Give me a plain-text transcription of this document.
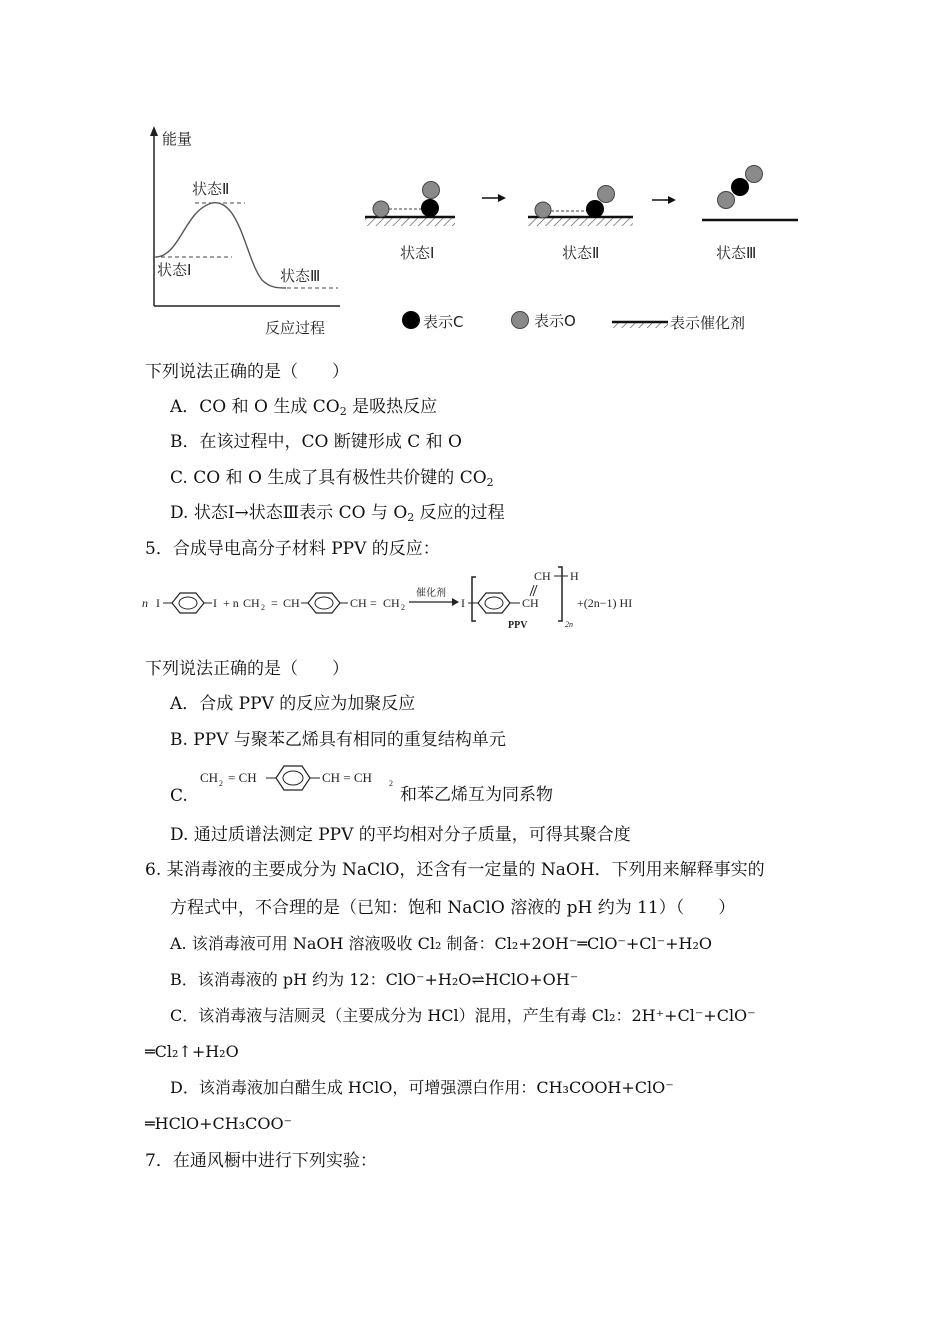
能量
状态Ⅱ
状态Ⅰ	状态Ⅲ
反应过程
状态Ⅰ	状态Ⅱ	状态Ⅲ
表示C	表示O	表示催化剂
下列说法正确的是（　　）
A．CO 和 O 生成 $CO_2$ 是吸热反应
B．在该过程中，CO 断键形成 C 和 O
C. CO 和 O 生成了具有极性共价键的 $CO_2$
D. 状态Ⅰ→状态Ⅲ表示 CO 与 $O_2$ 反应的过程
5．合成导电高分子材料 PPV 的反应：
n I	I + n CH 2 = CH	CH = CH 2
催化剂
I	CH
CH H
2n
+(2n−1) HI
PPV
下列说法正确的是（　　）
A．合成 PPV 的反应为加聚反应
B. PPV 与聚苯乙烯具有相同的重复结构单元
C.
CH 2 = CH	CH = CH 2
和苯乙烯互为同系物
D. 通过质谱法测定 PPV 的平均相对分子质量，可得其聚合度
6. 某消毒液的主要成分为 NaClO，还含有一定量的 NaOH．下列用来解释事实的
方程式中，不合理的是（已知：饱和 NaClO 溶液的 pH 约为 11）（　　）
A. 该消毒液可用 NaOH 溶液吸收 Cl₂ 制备：Cl₂+2OH⁻═ClO⁻+Cl⁻+H₂O
B．该消毒液的 pH 约为 12：ClO⁻+H₂O⇌HClO+OH⁻
C．该消毒液与洁厕灵（主要成分为 HCl）混用，产生有毒 Cl₂：2H⁺+Cl⁻+ClO⁻
═Cl₂↑+H₂O
D．该消毒液加白醋生成 HClO，可增强漂白作用：CH₃COOH+ClO⁻
═HClO+CH₃COO⁻
7．在通风橱中进行下列实验：
